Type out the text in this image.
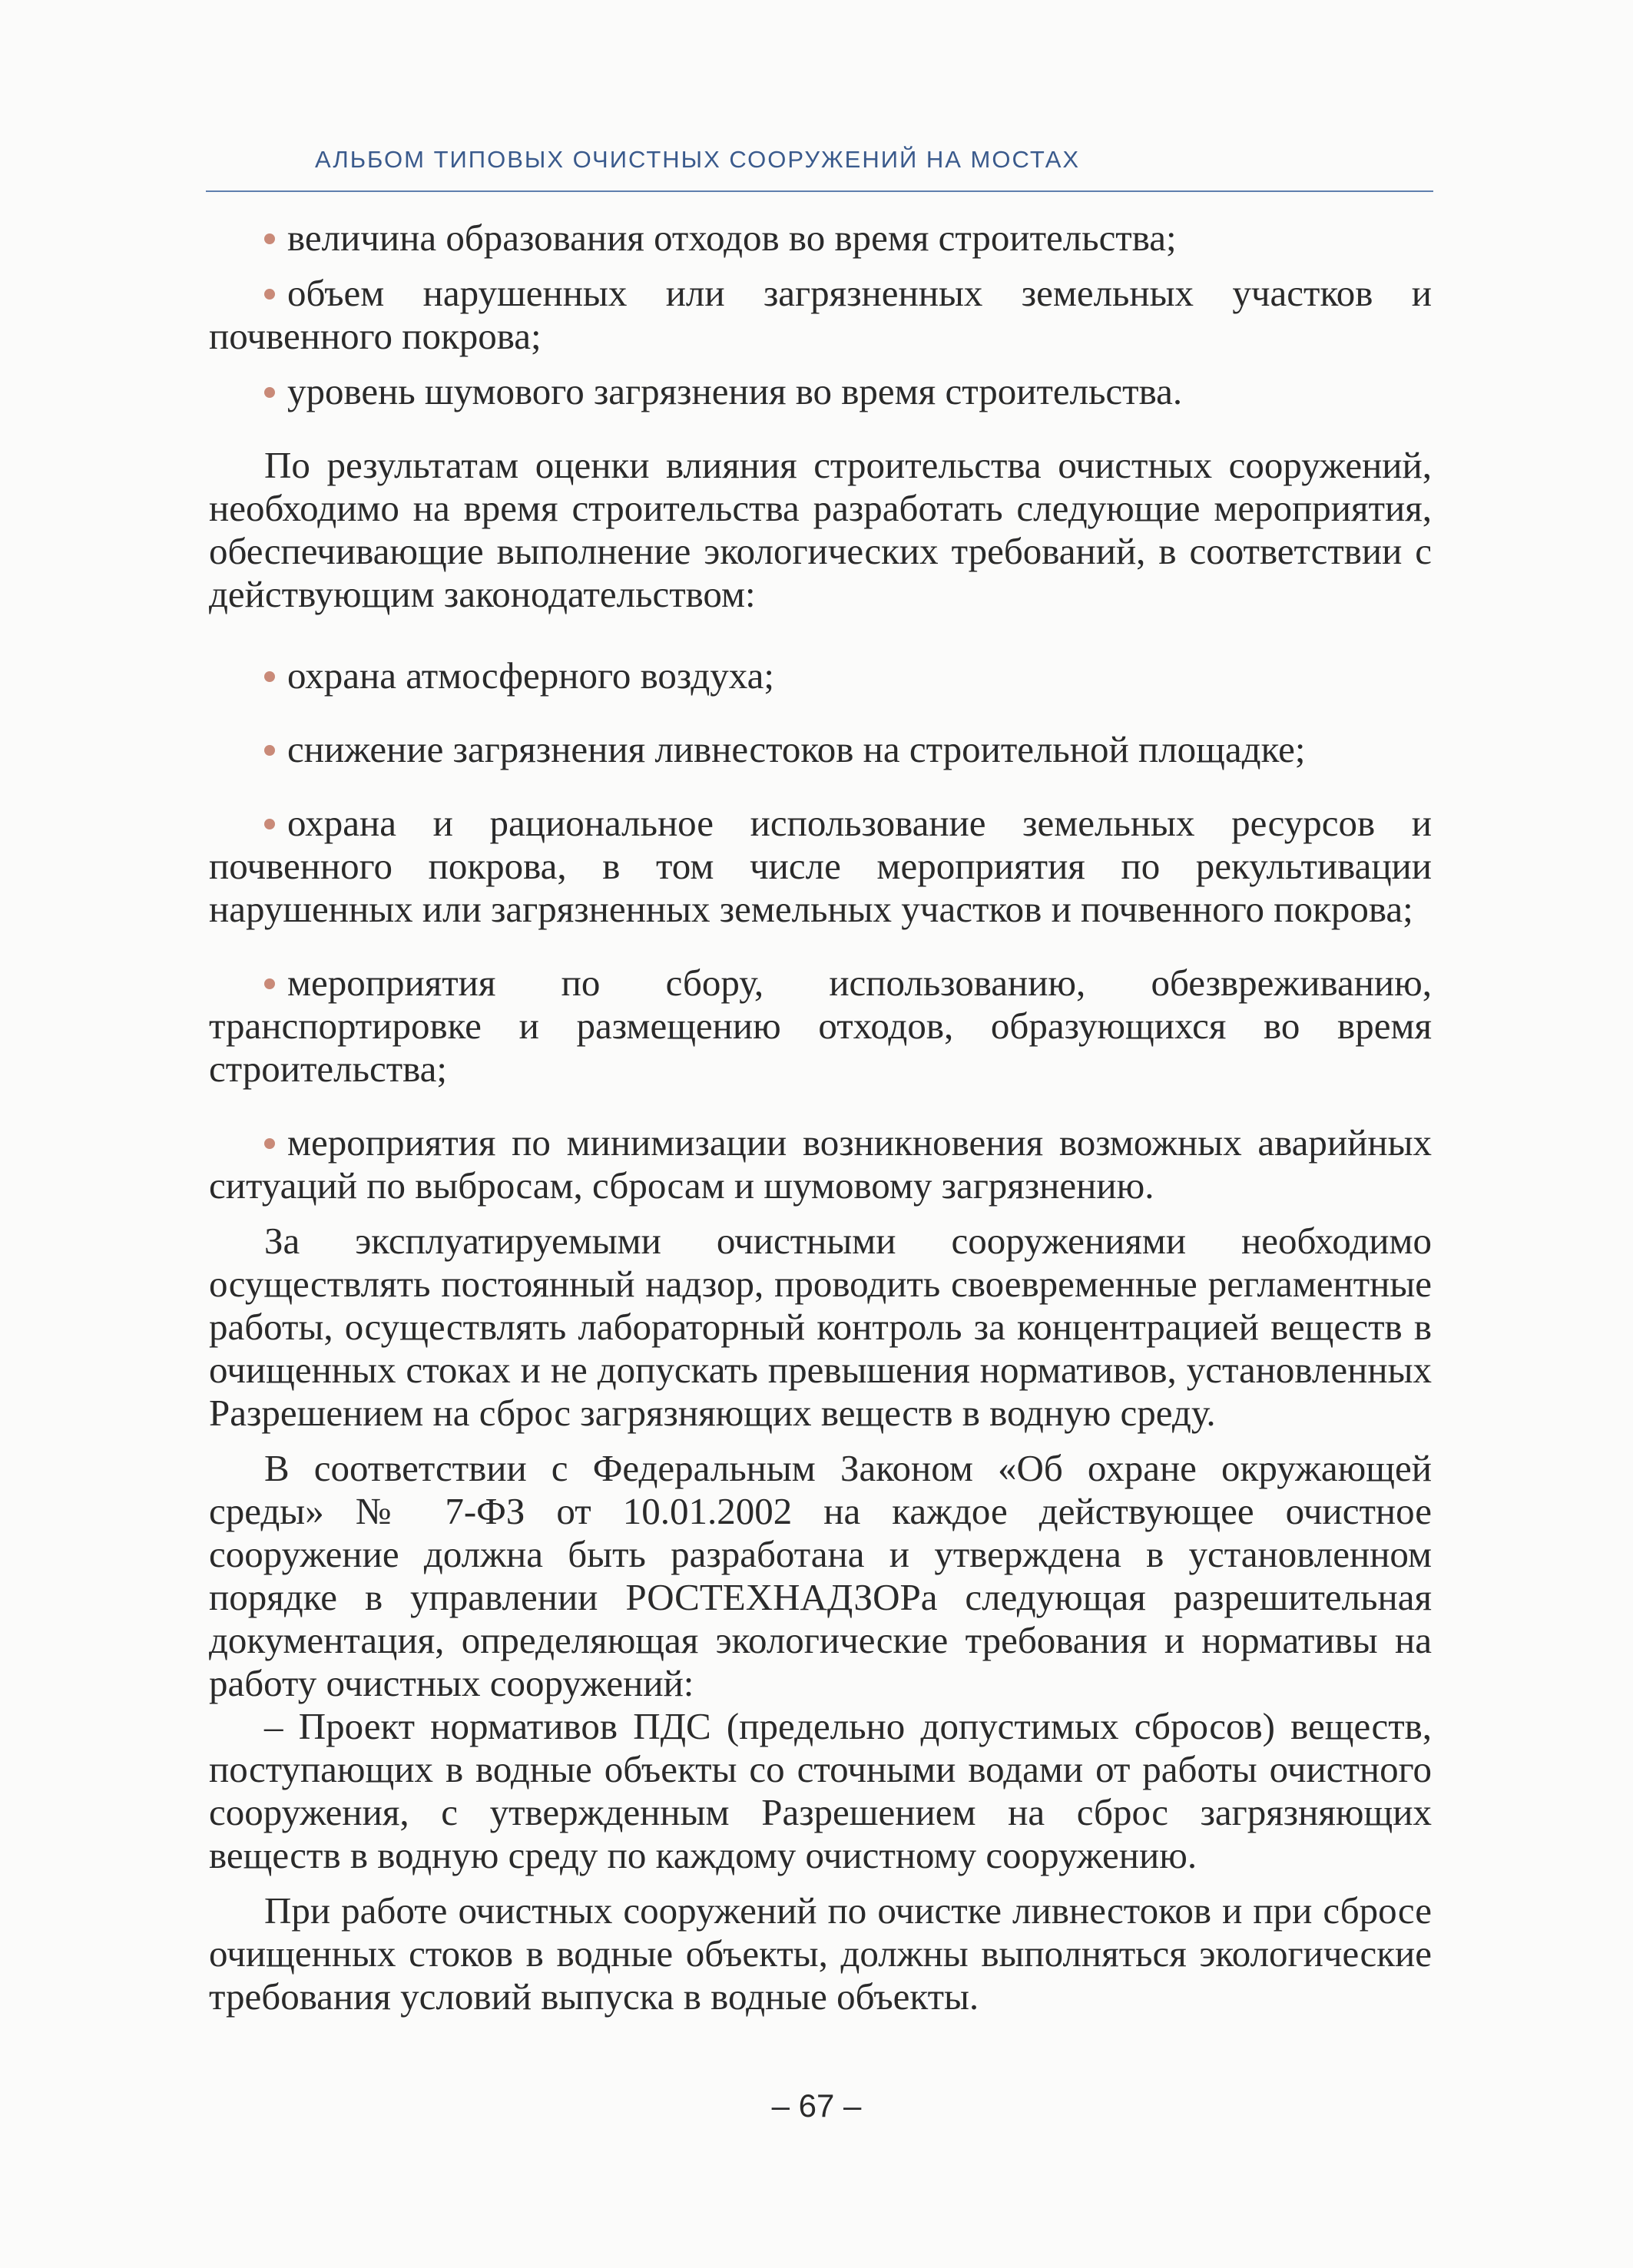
АЛЬБОМ ТИПОВЫХ ОЧИСТНЫХ СООРУЖЕНИЙ НА МОСТАХ

величина образования отходов во время строительства;

объем нарушенных или загрязненных земельных участков и почвенного покрова;

уровень шумового загрязнения во время строительства.

По результатам оценки влияния строительства очистных сооружений, необходимо на время строительства разработать следующие мероприятия, обеспечивающие выполнение экологических требований, в соответствии с действующим законодательством:

охрана атмосферного воздуха;

снижение загрязнения ливнестоков на строительной площадке;

охрана и рациональное использование земельных ресурсов и почвенного покрова, в том числе мероприятия по рекультивации нарушенных или загрязненных земельных участков и почвенного покрова;

мероприятия по сбору, использованию, обезвреживанию, транспортировке и размещению отходов, образующихся во время строительства;

мероприятия по минимизации возникновения возможных аварийных ситуаций по выбросам, сбросам и шумовому загрязнению.

За эксплуатируемыми очистными сооружениями необходимо осуществлять постоянный надзор, проводить своевременные регламентные работы, осуществлять лабораторный контроль за концентрацией веществ в очищенных стоках и не допускать превышения нормативов, установленных Разрешением на сброс загрязняющих веществ в водную среду.

В соответствии с Федеральным Законом «Об охране окружающей среды» № 7-ФЗ от 10.01.2002 на каждое действующее очистное сооружение должна быть разработана и утверждена в установленном порядке в управлении РОСТЕХНАДЗОРа следующая разрешительная документация, определяющая экологические требования и нормативы на работу очистных сооружений:

– Проект нормативов ПДС (предельно допустимых сбросов) веществ, поступающих в водные объекты со сточными водами от работы очистного сооружения, с утвержденным Разрешением на сброс загрязняющих веществ в водную среду по каждому очистному сооружению.

При работе очистных сооружений по очистке ливнестоков и при сбросе очищенных стоков в водные объекты, должны выполняться экологические требования условий выпуска в водные объекты.

– 67 –
